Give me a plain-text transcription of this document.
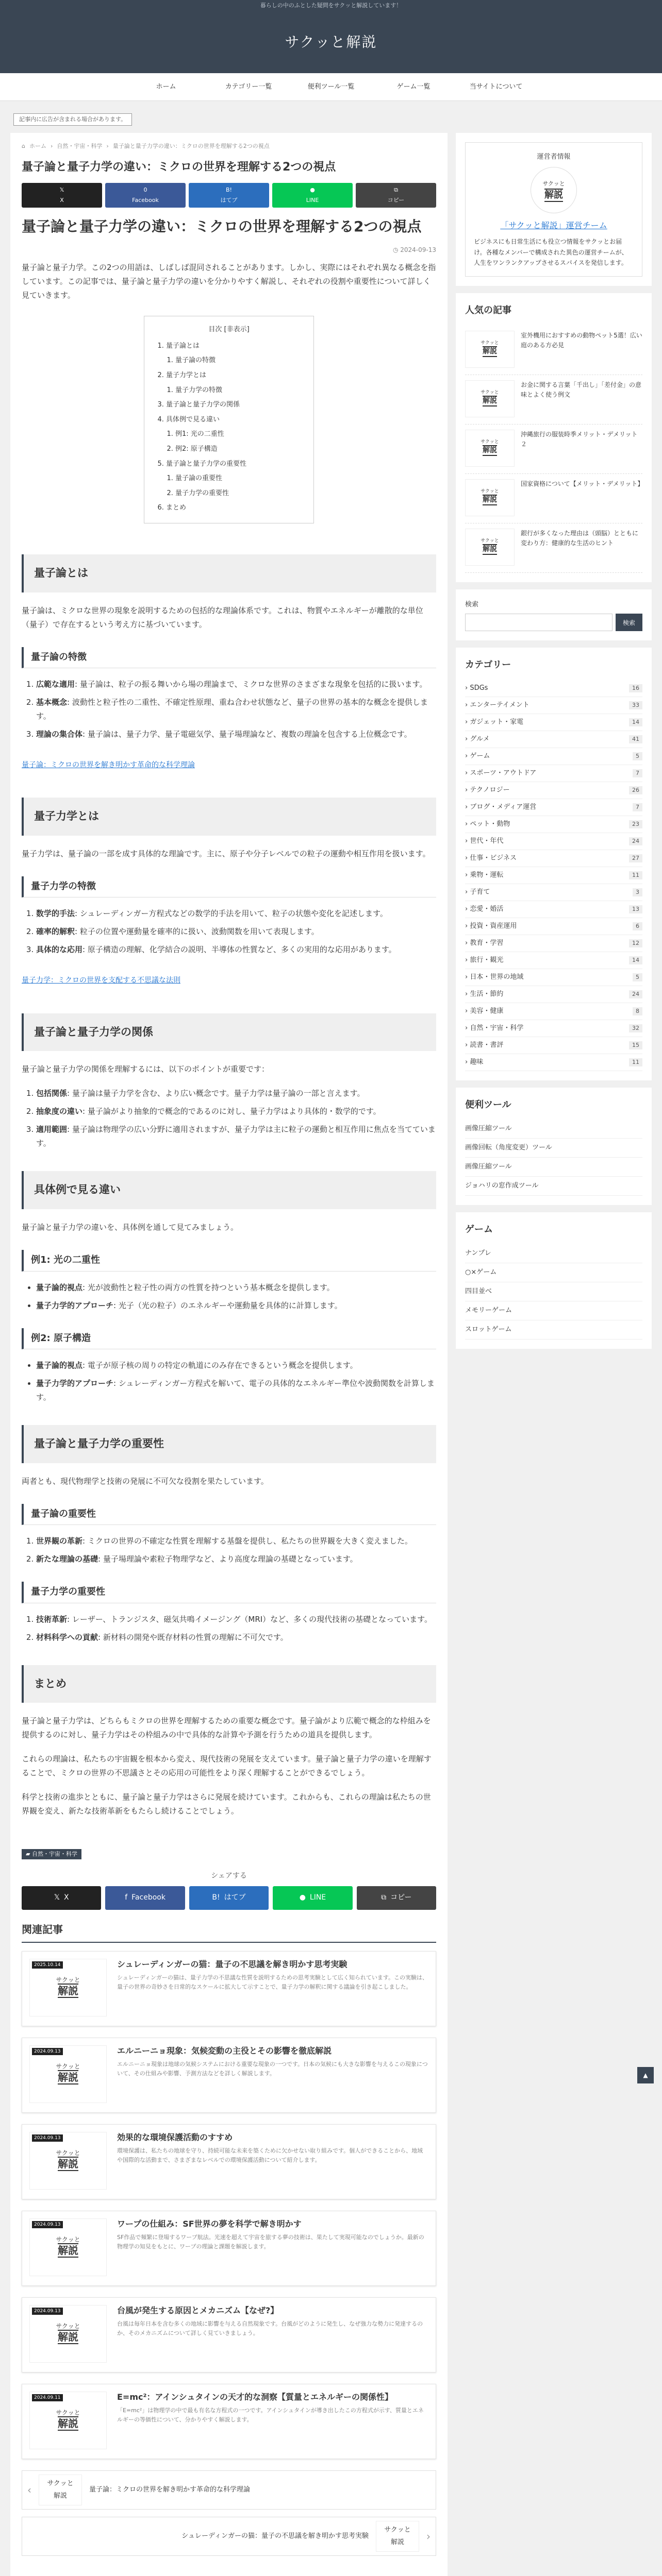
暮らしの中のふとした疑問をサクッと解説しています！
サクッと解説
ホーム	カテゴリー一覧	便利ツール一覧	ゲーム一覧	当サイトについて
記事内に広告が含まれる場合があります。
⌂ ホーム › 自然・宇宙・科学 › 量子論と量子力学の違い：ミクロの世界を理解する2つの視点
量子論と量子力学の違い：ミクロの世界を理解する2つの視点
𝕏
X
0
Facebook
B!
はてブ
●
LINE
⧉
コピー
量子論と量子力学の違い：ミクロの世界を理解する2つの視点
◷ 2024-09-13

量子論と量子力学。この2つの用語は、しばしば混同されることがあります。しかし、実際にはそれぞれ異なる概念を指しています。この記事では、量子論と量子力学の違いを分かりやすく解説し、それぞれの役割や重要性について詳しく見ていきます。

目次 [非表示]
1. 量子論とは
1. 量子論の特徴
2. 量子力学とは
1. 量子力学の特徴
3. 量子論と量子力学の関係
4. 具体例で見る違い
1. 例1: 光の二重性
2. 例2: 原子構造
5. 量子論と量子力学の重要性
1. 量子論の重要性
2. 量子力学の重要性
6. まとめ
量子論とは

量子論は、ミクロな世界の現象を説明するための包括的な理論体系です。これは、物質やエネルギーが離散的な単位（量子）で存在するという考え方に基づいています。

量子論の特徴
1. 広範な適用: 量子論は、粒子の振る舞いから場の理論まで、ミクロな世界のさまざまな現象を包括的に扱います。
2. 基本概念: 波動性と粒子性の二重性、不確定性原理、重ね合わせ状態など、量子の世界の基本的な概念を提供します。
3. 理論の集合体: 量子論は、量子力学、量子電磁気学、量子場理論など、複数の理論を包含する上位概念です。
量子論：ミクロの世界を解き明かす革命的な科学理論
量子力学とは

量子力学は、量子論の一部を成す具体的な理論です。主に、原子や分子レベルでの粒子の運動や相互作用を扱います。

量子力学の特徴
1. 数学的手法: シュレーディンガー方程式などの数学的手法を用いて、粒子の状態や変化を記述します。
2. 確率的解釈: 粒子の位置や運動量を確率的に扱い、波動関数を用いて表現します。
3. 具体的な応用: 原子構造の理解、化学結合の説明、半導体の性質など、多くの実用的な応用があります。
量子力学：ミクロの世界を支配する不思議な法則
量子論と量子力学の関係

量子論と量子力学の関係を理解するには、以下のポイントが重要です：

1. 包括関係: 量子論は量子力学を含む、より広い概念です。量子力学は量子論の一部と言えます。
2. 抽象度の違い: 量子論がより抽象的で概念的であるのに対し、量子力学はより具体的・数学的です。
3. 適用範囲: 量子論は物理学の広い分野に適用されますが、量子力学は主に粒子の運動と相互作用に焦点を当てています。
具体例で見る違い

量子論と量子力学の違いを、具体例を通して見てみましょう。

例1: 光の二重性
• 量子論的視点: 光が波動性と粒子性の両方の性質を持つという基本概念を提供します。
• 量子力学的アプローチ: 光子（光の粒子）のエネルギーや運動量を具体的に計算します。
例2: 原子構造
• 量子論的視点: 電子が原子核の周りの特定の軌道にのみ存在できるという概念を提供します。
• 量子力学的アプローチ: シュレーディンガー方程式を解いて、電子の具体的なエネルギー準位や波動関数を計算します。
量子論と量子力学の重要性

両者とも、現代物理学と技術の発展に不可欠な役割を果たしています。

量子論の重要性
1. 世界観の革新: ミクロの世界の不確定な性質を理解する基盤を提供し、私たちの世界観を大きく変えました。
2. 新たな理論の基礎: 量子場理論や素粒子物理学など、より高度な理論の基礎となっています。
量子力学の重要性
1. 技術革新: レーザー、トランジスタ、磁気共鳴イメージング（MRI）など、多くの現代技術の基礎となっています。
2. 材料科学への貢献: 新材料の開発や既存材料の性質の理解に不可欠です。
まとめ

量子論と量子力学は、どちらもミクロの世界を理解するための重要な概念です。量子論がより広範で概念的な枠組みを提供するのに対し、量子力学はその枠組みの中で具体的な計算や予測を行うための道具を提供します。

これらの理論は、私たちの宇宙観を根本から変え、現代技術の発展を支えています。量子論と量子力学の違いを理解することで、ミクロの世界の不思議さとその応用の可能性をより深く理解することができるでしょう。

科学と技術の進歩とともに、量子論と量子力学はさらに発展を続けています。これからも、これらの理論は私たちの世界観を変え、新たな技術革新をもたらし続けることでしょう。

▰ 自然・宇宙・科学
シェアする
𝕏 X	f Facebook	B! はてブ	● LINE	⧉ コピー
関連記事
2025.10.14
サクッと
解説
シュレーディンガーの猫：量子の不思議を解き明かす思考実験

シュレーディンガーの猫は、量子力学の不思議な性質を説明するための思考実験として広く知られています。この実験は、量子の世界の奇妙さを日常的なスケールに拡大して示すことで、量子力学の解釈に関する議論を引き起こしました。

2024.09.13
サクッと
解説
エルニーニョ現象：気候変動の主役とその影響を徹底解説

エルニーニョ現象は地球の気候システムにおける重要な現象の一つです。日本の気候にも大きな影響を与えるこの現象について、その仕組みや影響、予測方法などを詳しく解説します。

2024.09.13
サクッと
解説
効果的な環境保護活動のすすめ

環境保護は、私たちの地球を守り、持続可能な未来を築くために欠かせない取り組みです。個人ができることから、地域や国際的な活動まで、さまざまなレベルでの環境保護活動について紹介します。

2024.09.13
サクッと
解説
ワープの仕組み：SF世界の夢を科学で解き明かす

SF作品で頻繁に登場するワープ航法。光速を超えて宇宙を旅する夢の技術は、果たして実現可能なのでしょうか。最新の物理学の知見をもとに、ワープの理論と課題を解説します。

2024.09.13
サクッと
解説
台風が発生する原因とメカニズム【なぜ?】

台風は毎年日本を含む多くの地域に影響を与える自然現象です。台風がどのように発生し、なぜ強力な勢力に発達するのか、そのメカニズムについて詳しく見ていきましょう。

2024.09.11
サクッと
解説
E=mc²：アインシュタインの天才的な洞察【質量とエネルギーの関係性】

「E=mc²」は物理学の中で最も有名な方程式の一つです。アインシュタインが導き出したこの方程式が示す、質量とエネルギーの等価性について、分かりやすく解説します。

‹ サクッと
解説
量子論：ミクロの世界を解き明かす革命的な科学理論
シュレーディンガーの猫：量子の不思議を解き明かす思考実験
サクッと
解説 ›
運営者情報
サクッと
解説
「サクッと解説」運営チーム
ビジネスにも日常生活にも役立つ情報をサクッとお届け。各種なメンバーで構成された異色の運営チームが、人生をワンランクアップさせるスパイスを発信します。
人気の記事
サクッと
解説
室外機用におすすめの動物ペット5選！広い庭のある方必見
サクッと
解説
お金に関する言葉「千出し」「差付金」の意味とよく使う例文
サクッと
解説
沖縄旅行の服装時季メリット・デメリット２
サクッと
解説
国家資格について【メリット・デメリット】
サクッと
解説
銀行が多くなった理由は（頭脳）とともに変わり方：健康的な生活のヒント
検索
検索
カテゴリー
› SDGs	16
› エンターテイメント	33
› ガジェット・家電	14
› グルメ	41
› ゲーム	5
› スポーツ・アウトドア	7
› テクノロジー	26
› ブログ・メディア運営	7
› ペット・動物	23
› 世代・年代	24
› 仕事・ビジネス	27
› 乗物・運転	11
› 子育て	3
› 恋愛・婚活	13
› 投資・資産運用	6
› 教育・学習	12
› 旅行・観光	14
› 日本・世界の地域	5
› 生活・節約	24
› 美容・健康	8
› 自然・宇宙・科学	32
› 読書・書評	15
› 趣味	11
便利ツール
画像圧縮ツール
画像回転（角度変更）ツール
画像圧縮ツール
ジョハリの窓作成ツール
ゲーム
ナンプレ
○×ゲーム
四目並べ
メモリーゲーム
スロットゲーム
▲
